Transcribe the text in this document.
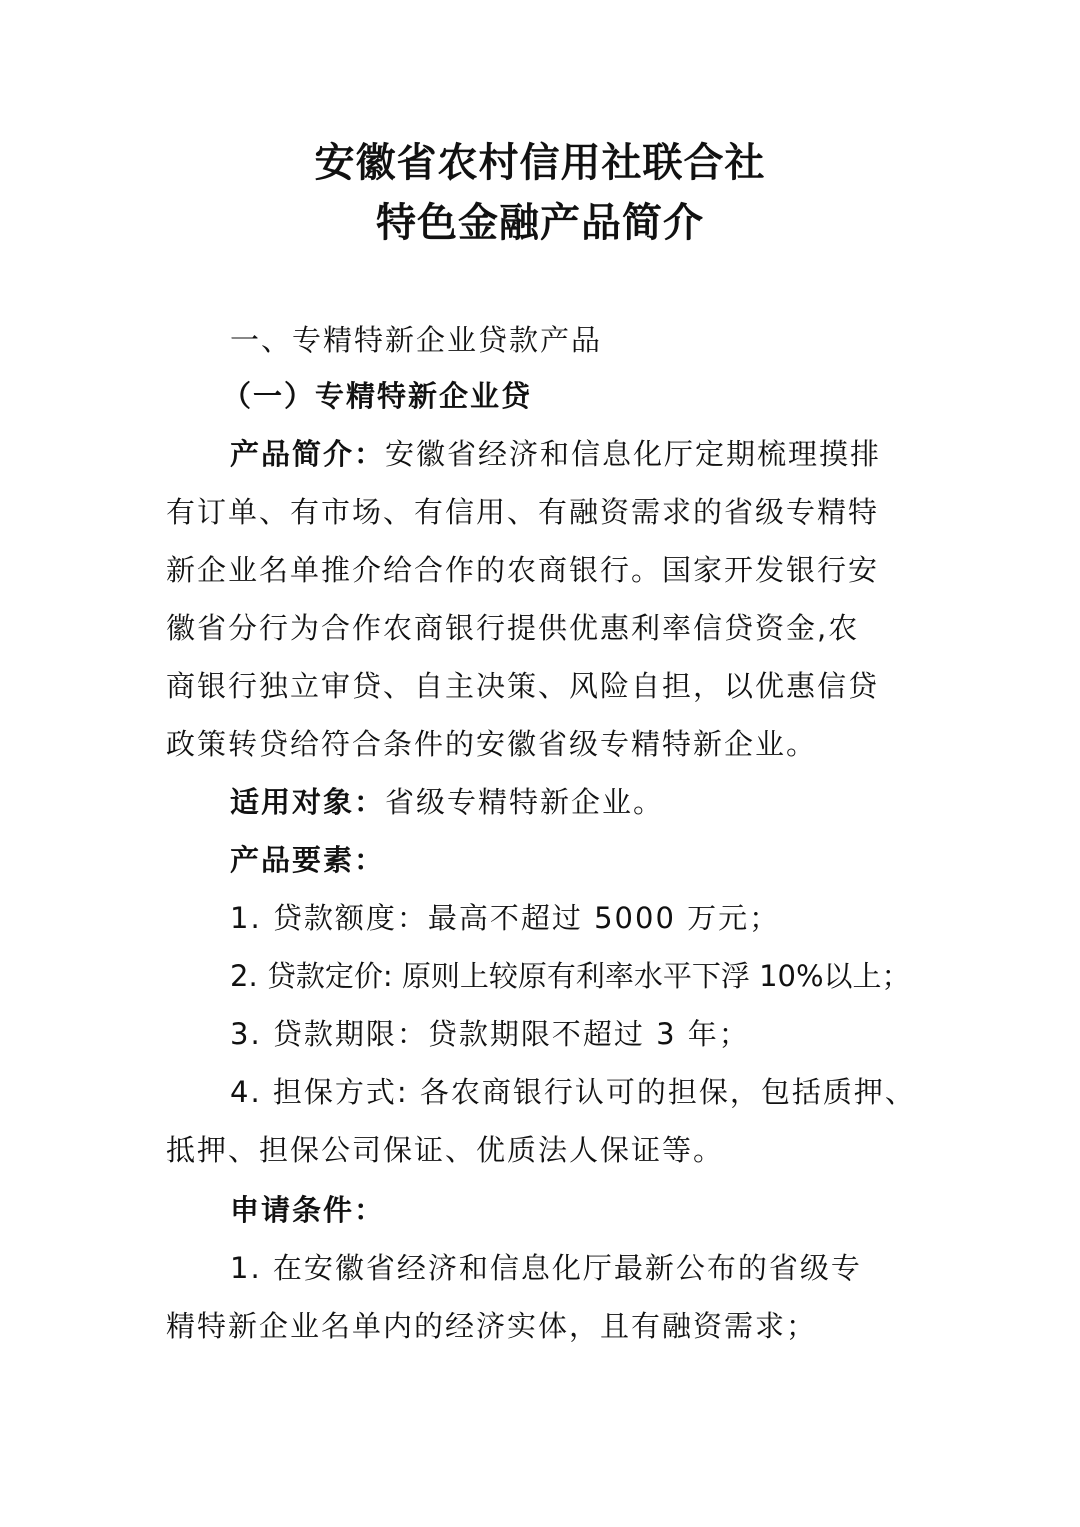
安徽省农村信用社联合社
特色金融产品简介
一、专精特新企业贷款产品
（一）专精特新企业贷
产品简介：安徽省经济和信息化厅定期梳理摸排
有订单、有市场、有信用、有融资需求的省级专精特
新企业名单推介给合作的农商银行。国家开发银行安
徽省分行为合作农商银行提供优惠利率信贷资金,农
商银行独立审贷、自主决策、风险自担，以优惠信贷
政策转贷给符合条件的安徽省级专精特新企业。
适用对象：省级专精特新企业。
产品要素：
1. 贷款额度：最高不超过 5000 万元；
2. 贷款定价: 原则上较原有利率水平下浮 10%以上；
3. 贷款期限：贷款期限不超过 3 年；
4. 担保方式: 各农商银行认可的担保，包括质押、
抵押、担保公司保证、优质法人保证等。
申请条件：
1. 在安徽省经济和信息化厅最新公布的省级专
精特新企业名单内的经济实体，且有融资需求；
